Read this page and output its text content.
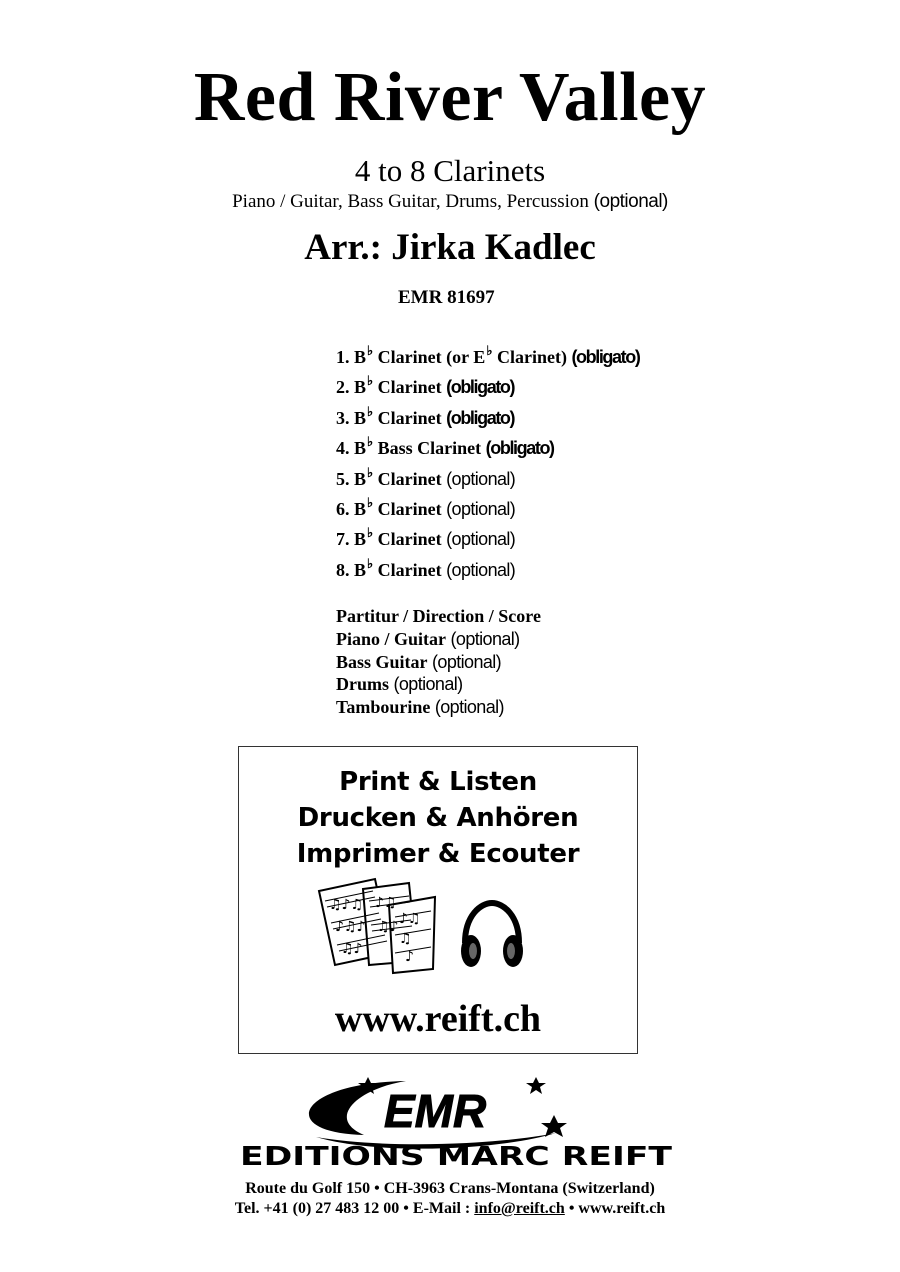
Red River Valley
4 to 8 Clarinets
Piano / Guitar, Bass Guitar, Drums, Percussion (optional)
Arr.: Jirka Kadlec
EMR 81697
1. B♭ Clarinet (or E♭ Clarinet) (obligato)
2. B♭ Clarinet (obligato)
3. B♭ Clarinet (obligato)
4. B♭ Bass Clarinet (obligato)
5. B♭ Clarinet (optional)
6. B♭ Clarinet (optional)
7. B♭ Clarinet (optional)
8. B♭ Clarinet (optional)
Partitur / Direction / Score
Piano / Guitar (optional)
Bass Guitar (optional)
Drums (optional)
Tambourine (optional)
Print & Listen
Drucken & Anhören
Imprimer & Ecouter
♫♪♫
♪♫♪
♫♪
♪♫
♫♪ ♪♫
♫
♪
www.reift.ch
EMR
EDITIONS MARC REIFT
Route du Golf 150 • CH-3963 Crans-Montana (Switzerland)
Tel. +41 (0) 27 483 12 00 • E-Mail : info@reift.ch • www.reift.ch
